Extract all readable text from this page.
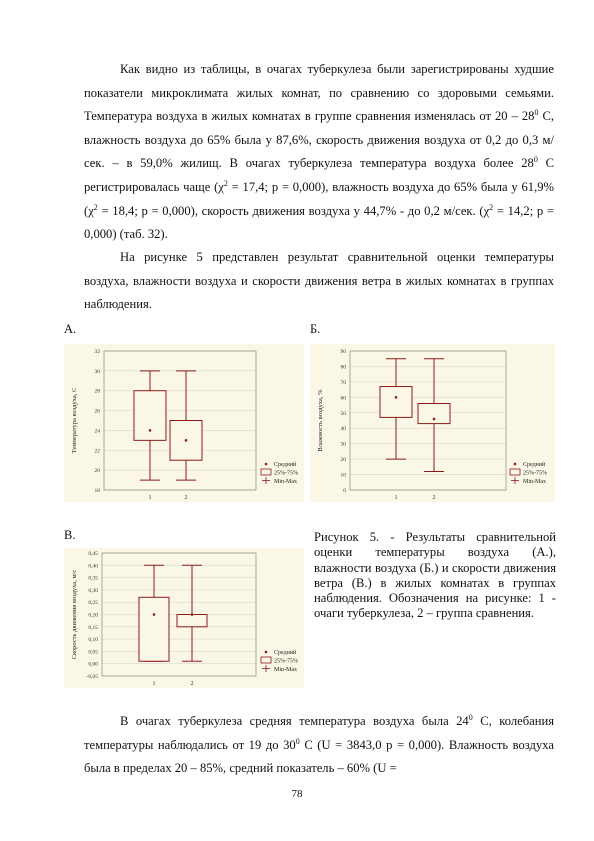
Как видно из таблицы, в очагах туберкулеза были зарегистрированы худшие показатели микроклимата жилых комнат, по сравнению со здоровыми семьями. Температура воздуха в жилых комнатах в группе сравнения изменялась от $20 - 28^0$ С, влажность воздуха до 65% была у 87,6%, скорость движения воздуха от 0,2 до 0,3 м/сек. – в 59,0% жилищ. В очагах туберкулеза температура воздуха более $28^0$ С регистрировалась чаще ($\chi^2 = 17,4$; р = 0,000), влажность воздуха до 65% была у 61,9% ($\chi^2 = 18,4$; р = 0,000), скорость движения воздуха у 44,7% - до 0,2 м/сек. ($\chi^2 = 14,2$; р = 0,000) (таб. 32).
На рисунке 5 представлен результат сравнительной оценки температуры воздуха, влажности воздуха и скорости движения ветра в жилых комнатах в группах наблюдения.
А.	Б.
В.
18
20
22
24
26
28
30
32
Температура воздуха, С
1	2
Средний
25%-75%
Min-Max
0
10
20
30
40
50
60
70
80
90
Влажность воздуха, %
1	2
Средний
25%-75%
Min-Max
-0,05
0,00
0,05
0,10
0,15
0,20
0,25
0,30
0,35
0,40
0,45
Скорость движения воздуха, м/с
1	2
Средний
25%-75%
Min-Max
Рисунок 5. - Результаты сравнительной оценки температуры воздуха (А.), влажности воздуха (Б.) и скорости движения ветра (В.) в жилых комнатах в группах наблюдения. Обозначения на рисунке: 1 - очаги туберкулеза, 2 – группа сравнения.
В очагах туберкулеза средняя температура воздуха была $24^0$ С, колебания температуры наблюдались от 19 до $30^0$ С (U = 3843,0 р = 0,000). Влажность воздуха была в пределах 20 – 85%, средний показатель – 60% (U =
78
